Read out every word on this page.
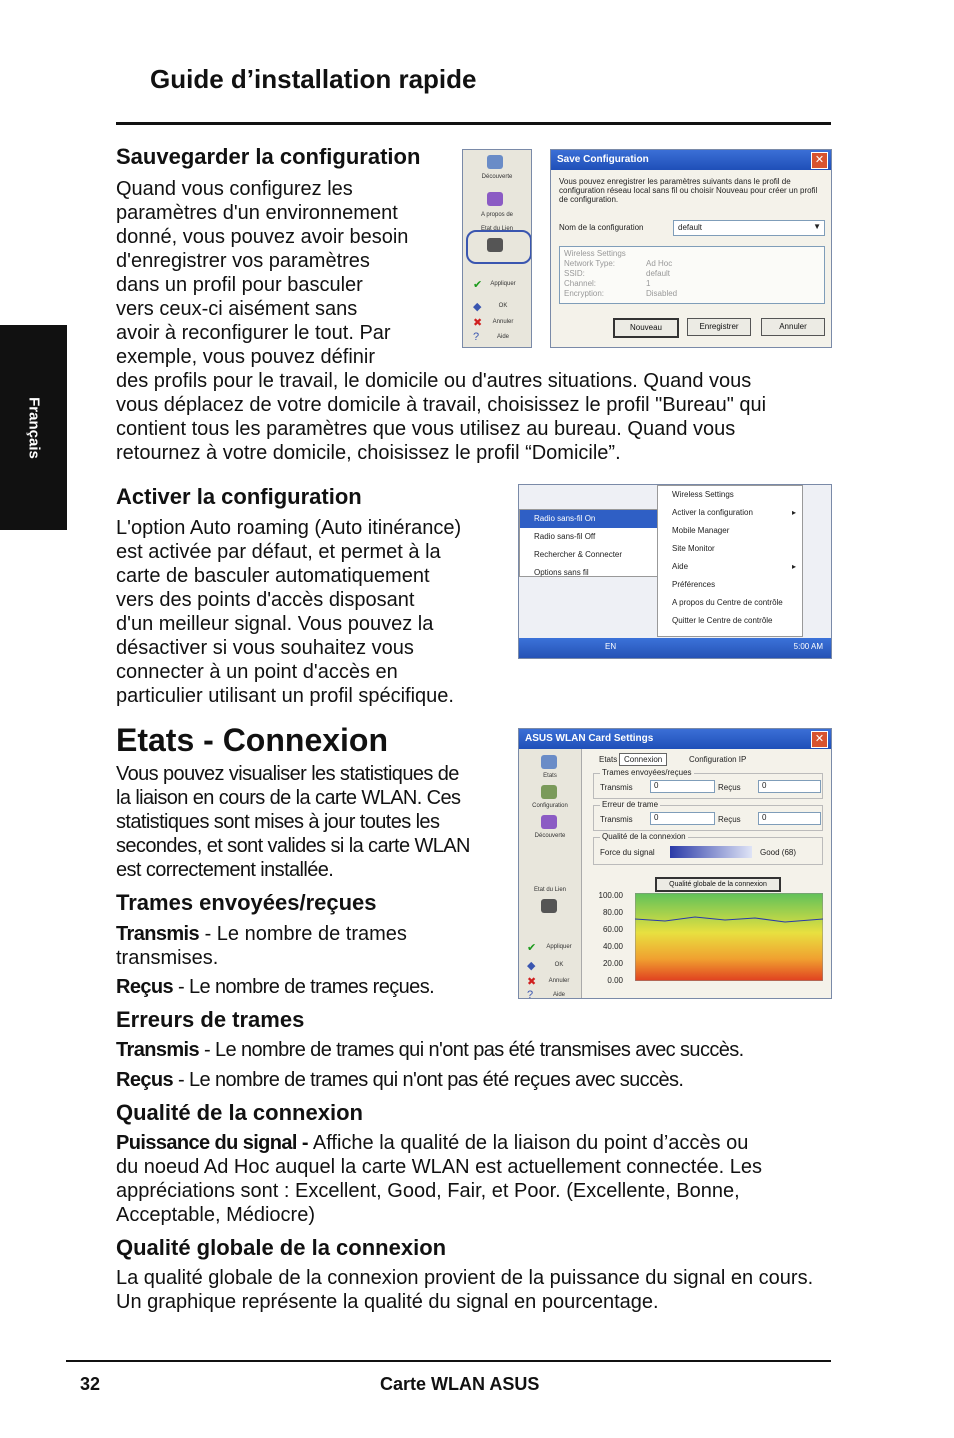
Guide d’installation rapide
Français
Sauvegarder la configuration
Quand vous configurez les
paramètres d'un environnement
donné, vous pouvez avoir besoin
d'enregistrer vos paramètres
dans un profil pour basculer
vers ceux-ci aisément sans
avoir à reconfigurer le tout. Par
exemple, vous pouvez définir
des profils pour le travail, le domicile ou d'autres situations. Quand vous
vous déplacez de votre domicile à travail, choisissez le profil "Bureau" qui
contient tous les paramètres que vous utilisez au bureau. Quand vous
retournez à votre domicile, choisissez le profil “Domicile”.
Découverte
A propos de
Etat du Lien
✔	Appliquer
◆	OK
✖	Annuler
?	Aide
Save Configuration	✕
Vous pouvez enregistrer les paramètres suivants dans le profil de configuration réseau local sans fil ou choisir Nouveau pour créer un profil de configuration.
Nom de la configuration	default	▼
Wireless Settings
Network Type:	Ad Hoc
SSID:	default
Channel:	1
Encryption:	Disabled
Nouveau	Enregistrer	Annuler
Activer la configuration
L'option Auto roaming (Auto itinérance)
est activée par défaut, et permet à la
carte de basculer automatiquement
vers des points d'accès disposant
d'un meilleur signal. Vous pouvez la
désactiver si vous souhaitez vous
connecter à un point d'accès en
particulier utilisant un profil spécifique.
Radio sans-fil On
Radio sans-fil Off
Rechercher & Connecter
Options sans fil
Wireless Settings
Activer la configuration	▸
Mobile Manager
Site Monitor
Aide	▸
Préférences
A propos du Centre de contrôle
Quitter le Centre de contrôle
EN	5:00 AM
Etats - Connexion
Vous pouvez visualiser les statistiques de
la liaison en cours de la carte WLAN. Ces
statistiques sont mises à jour toutes les
secondes, et sont valides si la carte WLAN
est correctement installée.
ASUS WLAN Card Settings	✕
Etats
Configuration
Découverte
Etat du Lien
✔	Appliquer
◆	OK
✖	Annuler
?	Aide
Etats Connexion	Configuration IP
Trames envoyées/reçues
Transmis	0	Reçus	0
Erreur de trame
Transmis	0	Reçus	0
Qualité de la connexion
Force du signal	Good (68)
Qualité globale de la connexion
100.00
80.00
60.00
40.00
20.00
0.00
Trames envoyées/reçues
Transmis - Le nombre de trames
transmises.
Reçus - Le nombre de trames reçues.
Erreurs de trames
Transmis - Le nombre de trames qui n'ont pas été transmises avec succès.
Reçus - Le nombre de trames qui n'ont pas été reçues avec succès.
Qualité de la connexion
Puissance du signal - Affiche la qualité de la liaison du point d’accès ou
du noeud Ad Hoc auquel la carte WLAN est actuellement connectée. Les
appréciations sont : Excellent, Good, Fair, et Poor. (Excellente, Bonne,
Acceptable, Médiocre)
Qualité globale de la connexion
La qualité globale de la connexion provient de la puissance du signal en cours.
Un graphique représente la qualité du signal en pourcentage.
32	Carte WLAN ASUS
